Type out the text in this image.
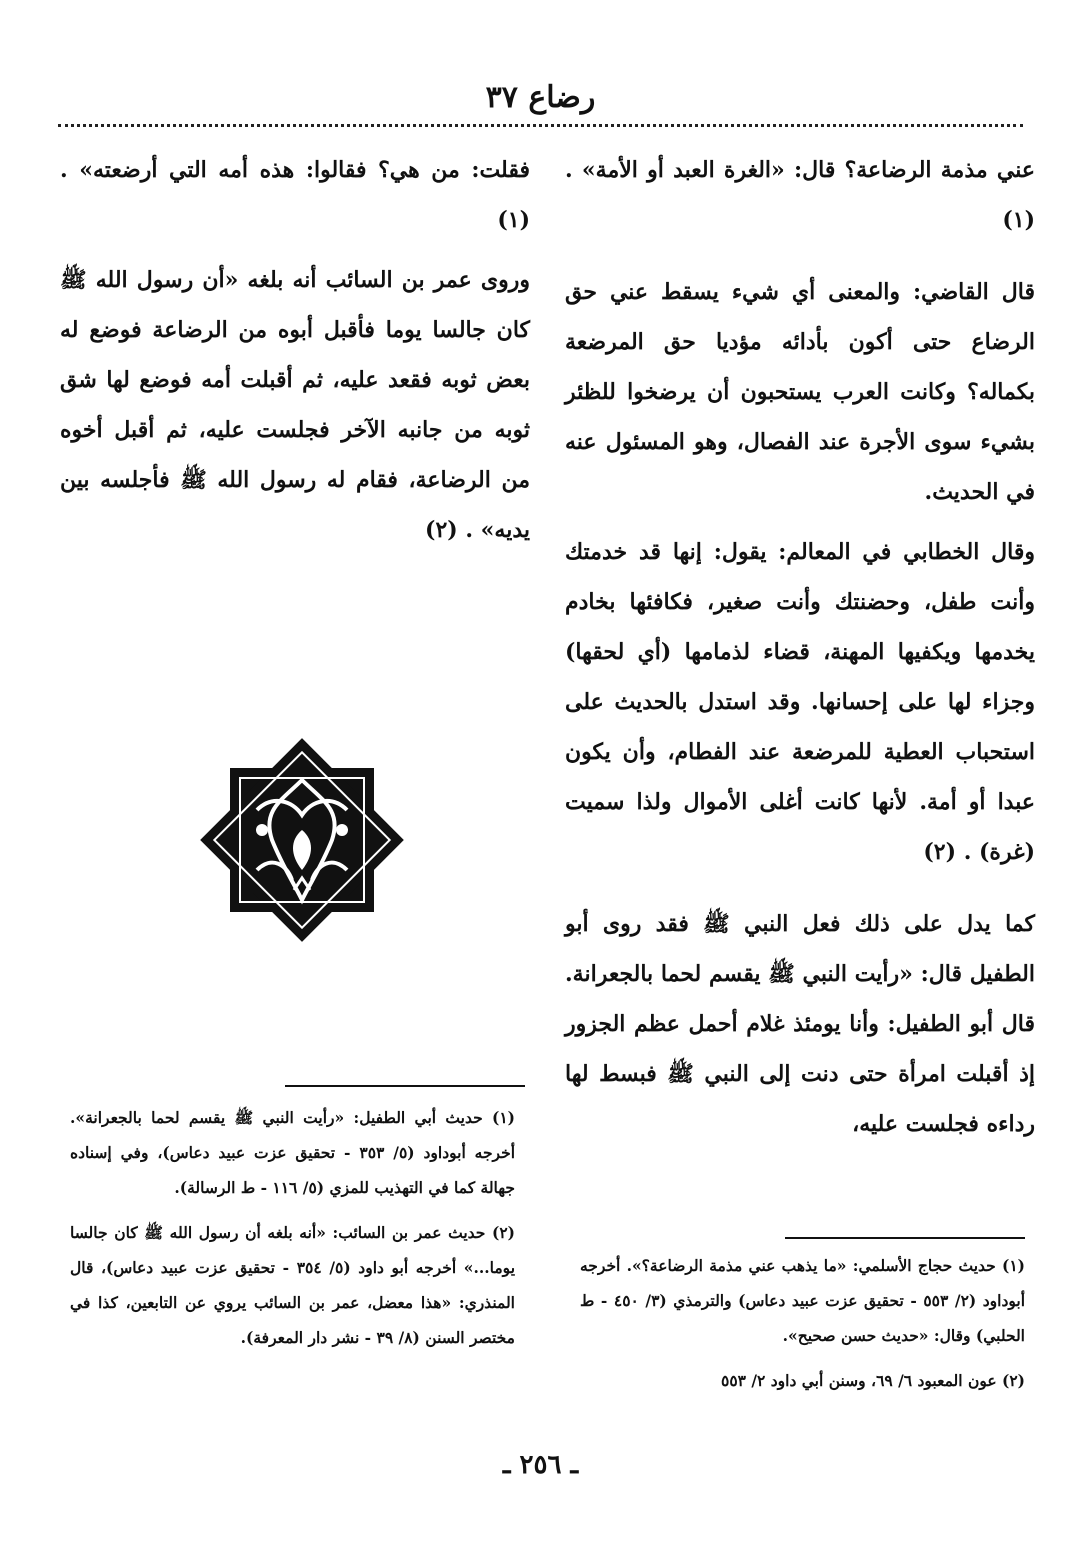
رضاع ٣٧

عني مذمة الرضاعة؟ قال: «الغرة العبد أو الأمة» . (١)

قال القاضي: والمعنى أي شيء يسقط عني حق الرضاع حتى أكون بأدائه مؤديا حق المرضعة بكماله؟ وكانت العرب يستحبون أن يرضخوا للظئر بشيء سوى الأجرة عند الفصال، وهو المسئول عنه في الحديث.

وقال الخطابي في المعالم: يقول: إنها قد خدمتك وأنت طفل، وحضنتك وأنت صغير، فكافئها بخادم يخدمها ويكفيها المهنة، قضاء لذمامها (أي لحقها) وجزاء لها على إحسانها. وقد استدل بالحديث على استحباب العطية للمرضعة عند الفطام، وأن يكون عبدا أو أمة. لأنها كانت أغلى الأموال ولذا سميت (غرة) . (٢)

كما يدل على ذلك فعل النبي ﷺ فقد روى أبو الطفيل قال: «رأيت النبي ﷺ يقسم لحما بالجعرانة. قال أبو الطفيل: وأنا يومئذ غلام أحمل عظم الجزور إذ أقبلت امرأة حتى دنت إلى النبي ﷺ فبسط لها رداءه فجلست عليه،

فقلت: من هي؟ فقالوا: هذه أمه التي أرضعته» . (١)

وروى عمر بن السائب أنه بلغه «أن رسول الله ﷺ كان جالسا يوما فأقبل أبوه من الرضاعة فوضع له بعض ثوبه فقعد عليه، ثم أقبلت أمه فوضع لها شق ثوبه من جانبه الآخر فجلست عليه، ثم أقبل أخوه من الرضاعة، فقام له رسول الله ﷺ فأجلسه بين يديه» . (٢)

(١) حديث أبي الطفيل: «رأيت النبي ﷺ يقسم لحما بالجعرانة». أخرجه أبوداود (٥/ ٣٥٣ - تحقيق عزت عبيد دعاس)، وفي إسناده جهالة كما في التهذيب للمزي (٥/ ١١٦ - ط الرسالة).

(٢) حديث عمر بن السائب: «أنه بلغه أن رسول الله ﷺ كان جالسا يوما...» أخرجه أبو داود (٥/ ٣٥٤ - تحقيق عزت عبيد دعاس)، قال المنذري: «هذا معضل، عمر بن السائب يروي عن التابعين، كذا في مختصر السنن (٨/ ٣٩ - نشر دار المعرفة).

(١) حديث حجاج الأسلمي: «ما يذهب عني مذمة الرضاعة؟». أخرجه أبوداود (٢/ ٥٥٣ - تحقيق عزت عبيد دعاس) والترمذي (٣/ ٤٥٠ - ط الحلبي) وقال: «حديث حسن صحيح».

(٢) عون المعبود ٦/ ٦٩، وسنن أبي داود ٢/ ٥٥٣

ـ ٢٥٦ ـ
